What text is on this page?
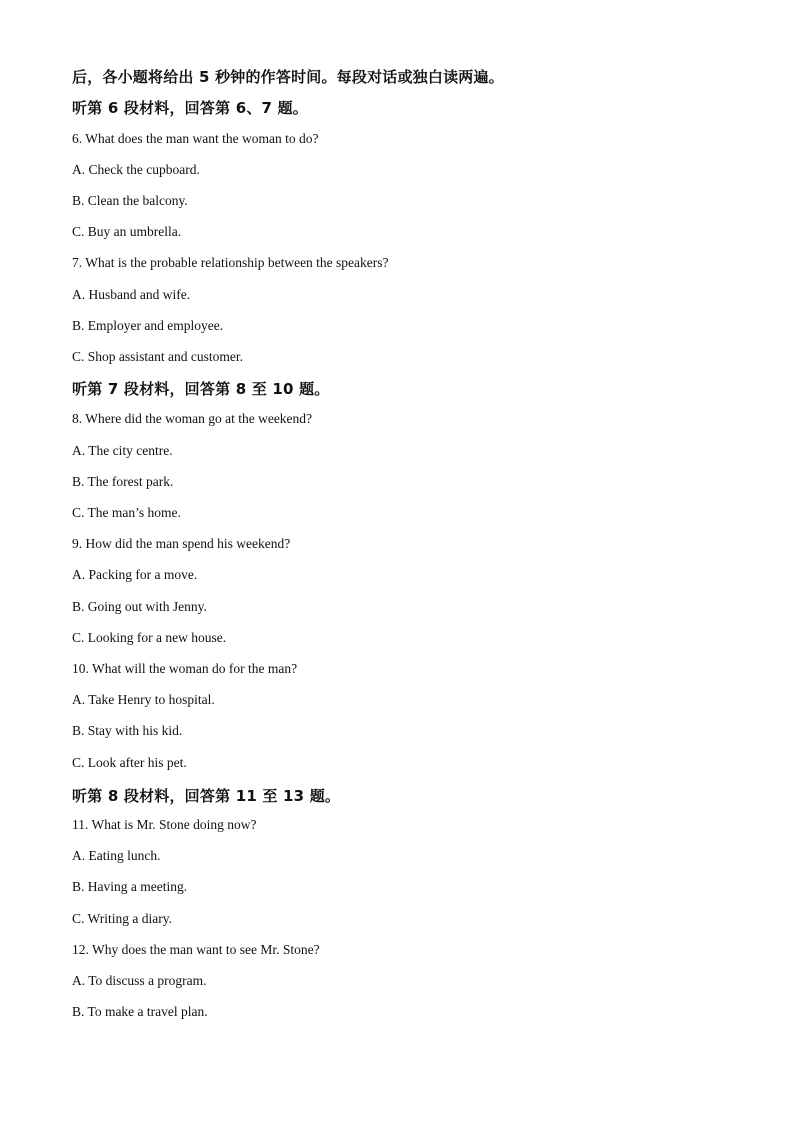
后，各小题将给出 5 秒钟的作答时间。每段对话或独白读两遍。
听第 6 段材料，回答第 6、7 题。
6. What does the man want the woman to do?
A. Check the cupboard.
B. Clean the balcony.
C. Buy an umbrella.
7. What is the probable relationship between the speakers?
A. Husband and wife.
B. Employer and employee.
C. Shop assistant and customer.
听第 7 段材料，回答第 8 至 10 题。
8. Where did the woman go at the weekend?
A. The city centre.
B. The forest park.
C. The man’s home.
9. How did the man spend his weekend?
A. Packing for a move.
B. Going out with Jenny.
C. Looking for a new house.
10. What will the woman do for the man?
A. Take Henry to hospital.
B. Stay with his kid.
C. Look after his pet.
听第 8 段材料，回答第 11 至 13 题。
11. What is Mr. Stone doing now?
A. Eating lunch.
B. Having a meeting.
C. Writing a diary.
12. Why does the man want to see Mr. Stone?
A. To discuss a program.
B. To make a travel plan.
